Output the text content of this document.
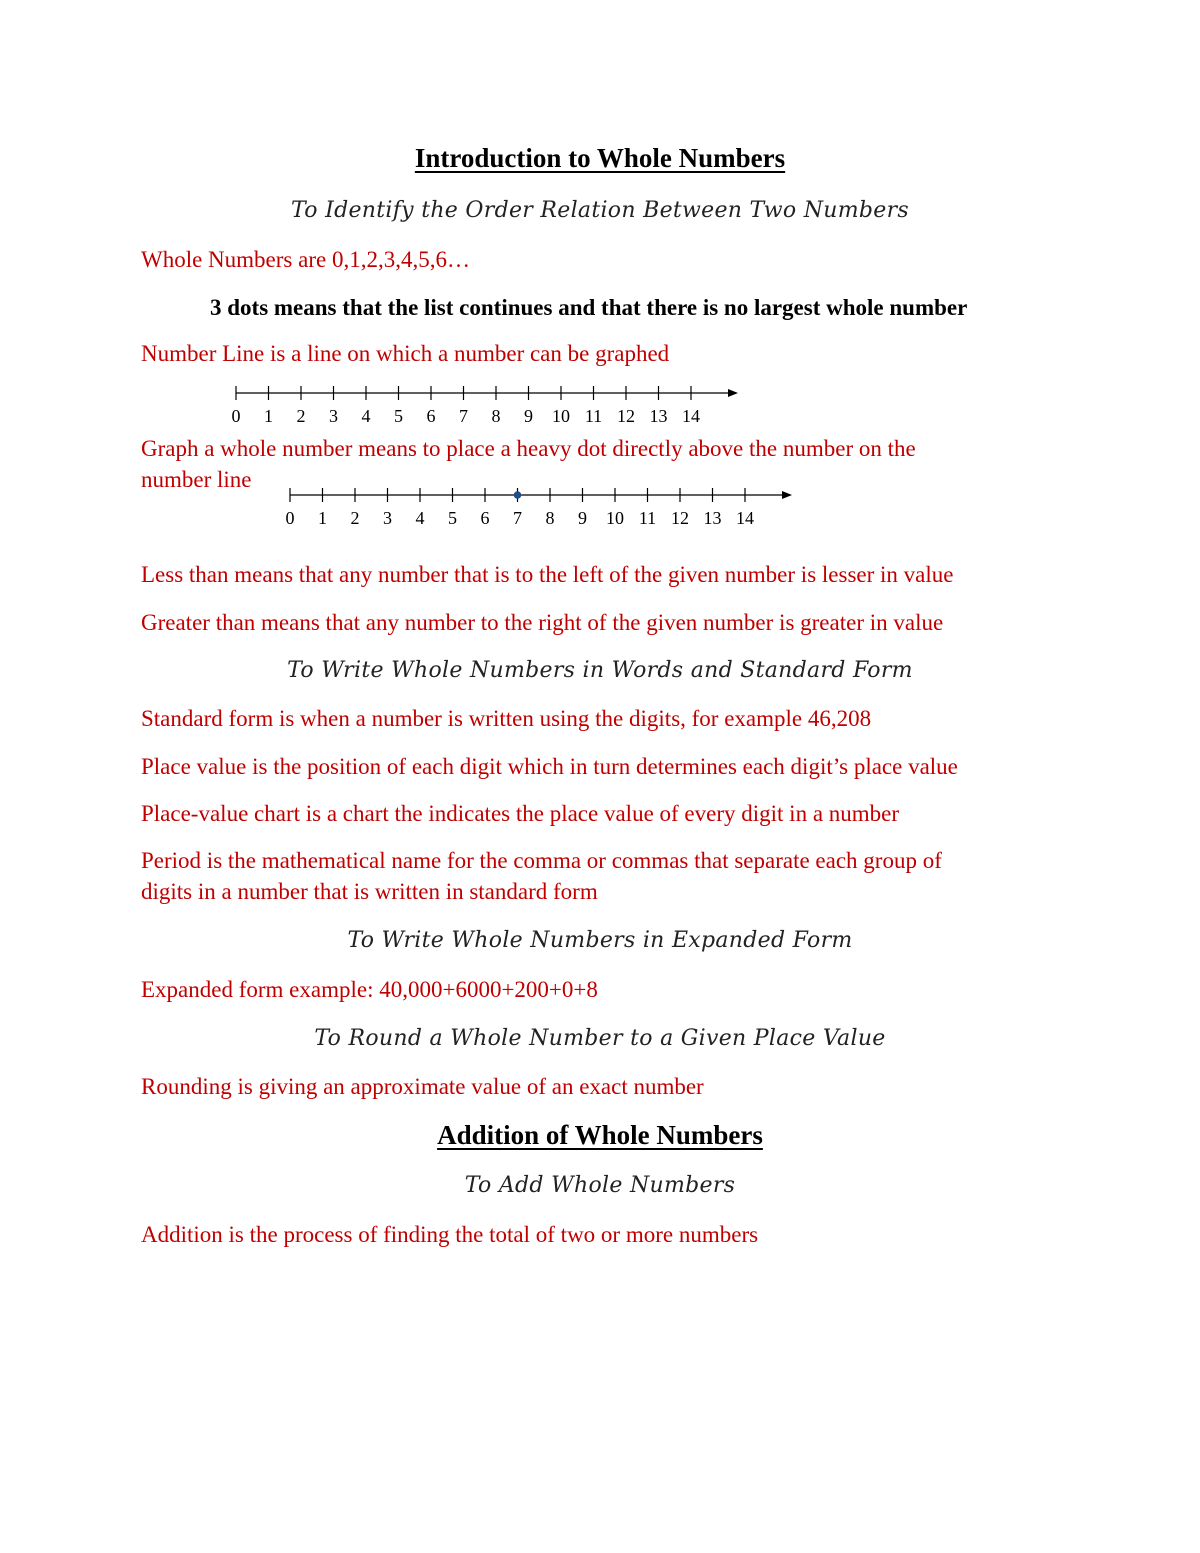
Introduction to Whole Numbers
To Identify the Order Relation Between Two Numbers
Whole Numbers are 0,1,2,3,4,5,6…
3 dots means that the list continues and that there is no largest whole number
Number Line is a line on which a number can be graphed
0 1 2 3 4 5 6 7 8 9 10 11 12 13 14
Graph a whole number means to place a heavy dot directly above the number on the
number line
0 1 2 3 4 5 6 7 8 9 10 11 12 13 14
Less than means that any number that is to the left of the given number is lesser in value
Greater than means that any number to the right of the given number is greater in value
To Write Whole Numbers in Words and Standard Form
Standard form is when a number is written using the digits, for example 46,208
Place value is the position of each digit which in turn determines each digit’s place value
Place-value chart is a chart the indicates the place value of every digit in a number
Period is the mathematical name for the comma or commas that separate each group of
digits in a number that is written in standard form
To Write Whole Numbers in Expanded Form
Expanded form example: 40,000+6000+200+0+8
To Round a Whole Number to a Given Place Value
Rounding is giving an approximate value of an exact number
Addition of Whole Numbers
To Add Whole Numbers
Addition is the process of finding the total of two or more numbers
